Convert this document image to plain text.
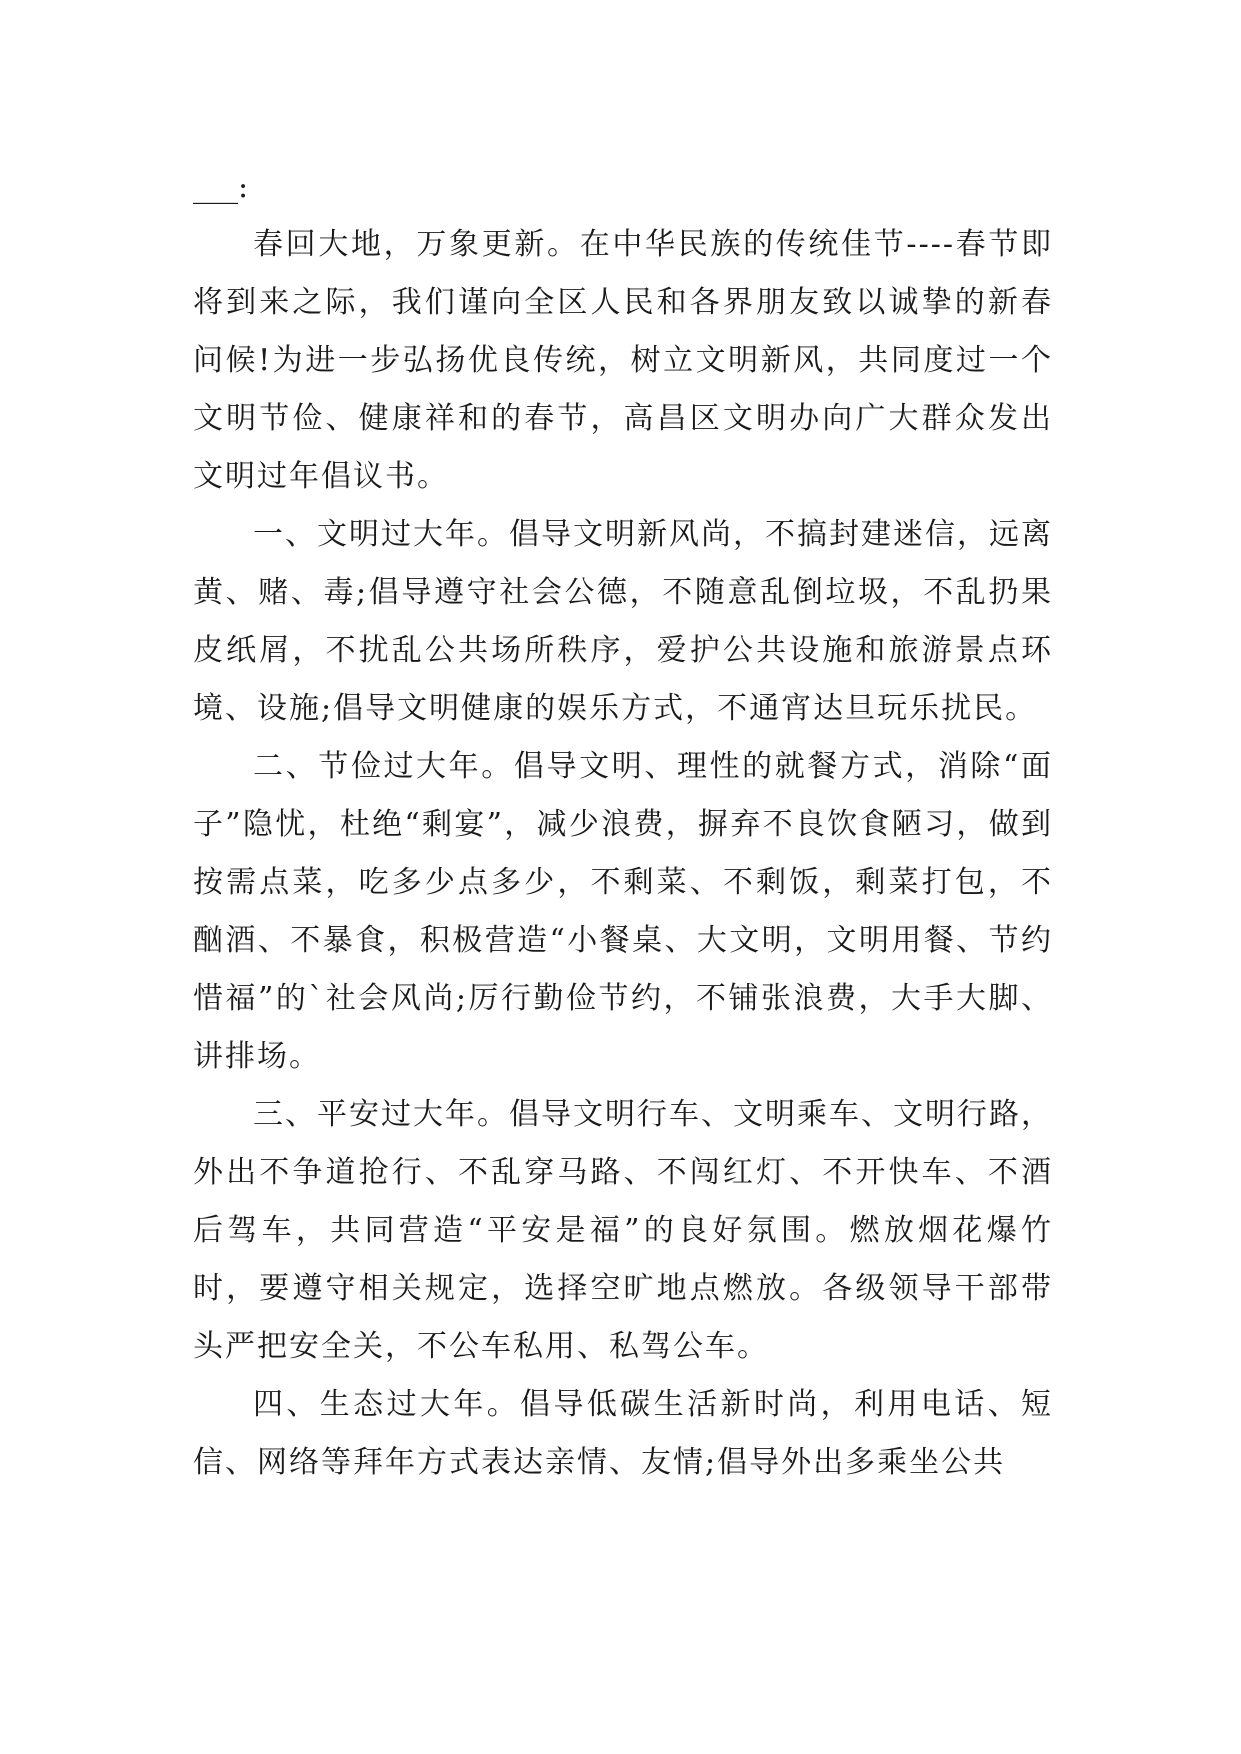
___:

春回大地，万象更新。在中华民族的传统佳节----春节即将到来之际，我们谨向全区人民和各界朋友致以诚挚的新春问候!为进一步弘扬优良传统，树立文明新风，共同度过一个文明节俭、健康祥和的春节，高昌区文明办向广大群众发出文明过年倡议书。

一、文明过大年。倡导文明新风尚，不搞封建迷信，远离黄、赌、毒;倡导遵守社会公德，不随意乱倒垃圾，不乱扔果皮纸屑，不扰乱公共场所秩序，爱护公共设施和旅游景点环境、设施;倡导文明健康的娱乐方式，不通宵达旦玩乐扰民。

二、节俭过大年。倡导文明、理性的就餐方式，消除“面子”隐忧，杜绝“剩宴”，减少浪费，摒弃不良饮食陋习，做到按需点菜，吃多少点多少，不剩菜、不剩饭，剩菜打包，不酗酒、不暴食，积极营造“小餐桌、大文明，文明用餐、节约惜福”的`社会风尚;厉行勤俭节约，不铺张浪费，大手大脚、讲排场。

三、平安过大年。倡导文明行车、文明乘车、文明行路，外出不争道抢行、不乱穿马路、不闯红灯、不开快车、不酒后驾车，共同营造“平安是福”的良好氛围。燃放烟花爆竹时，要遵守相关规定，选择空旷地点燃放。各级领导干部带头严把安全关，不公车私用、私驾公车。

四、生态过大年。倡导低碳生活新时尚，利用电话、短信、网络等拜年方式表达亲情、友情;倡导外出多乘坐公共
